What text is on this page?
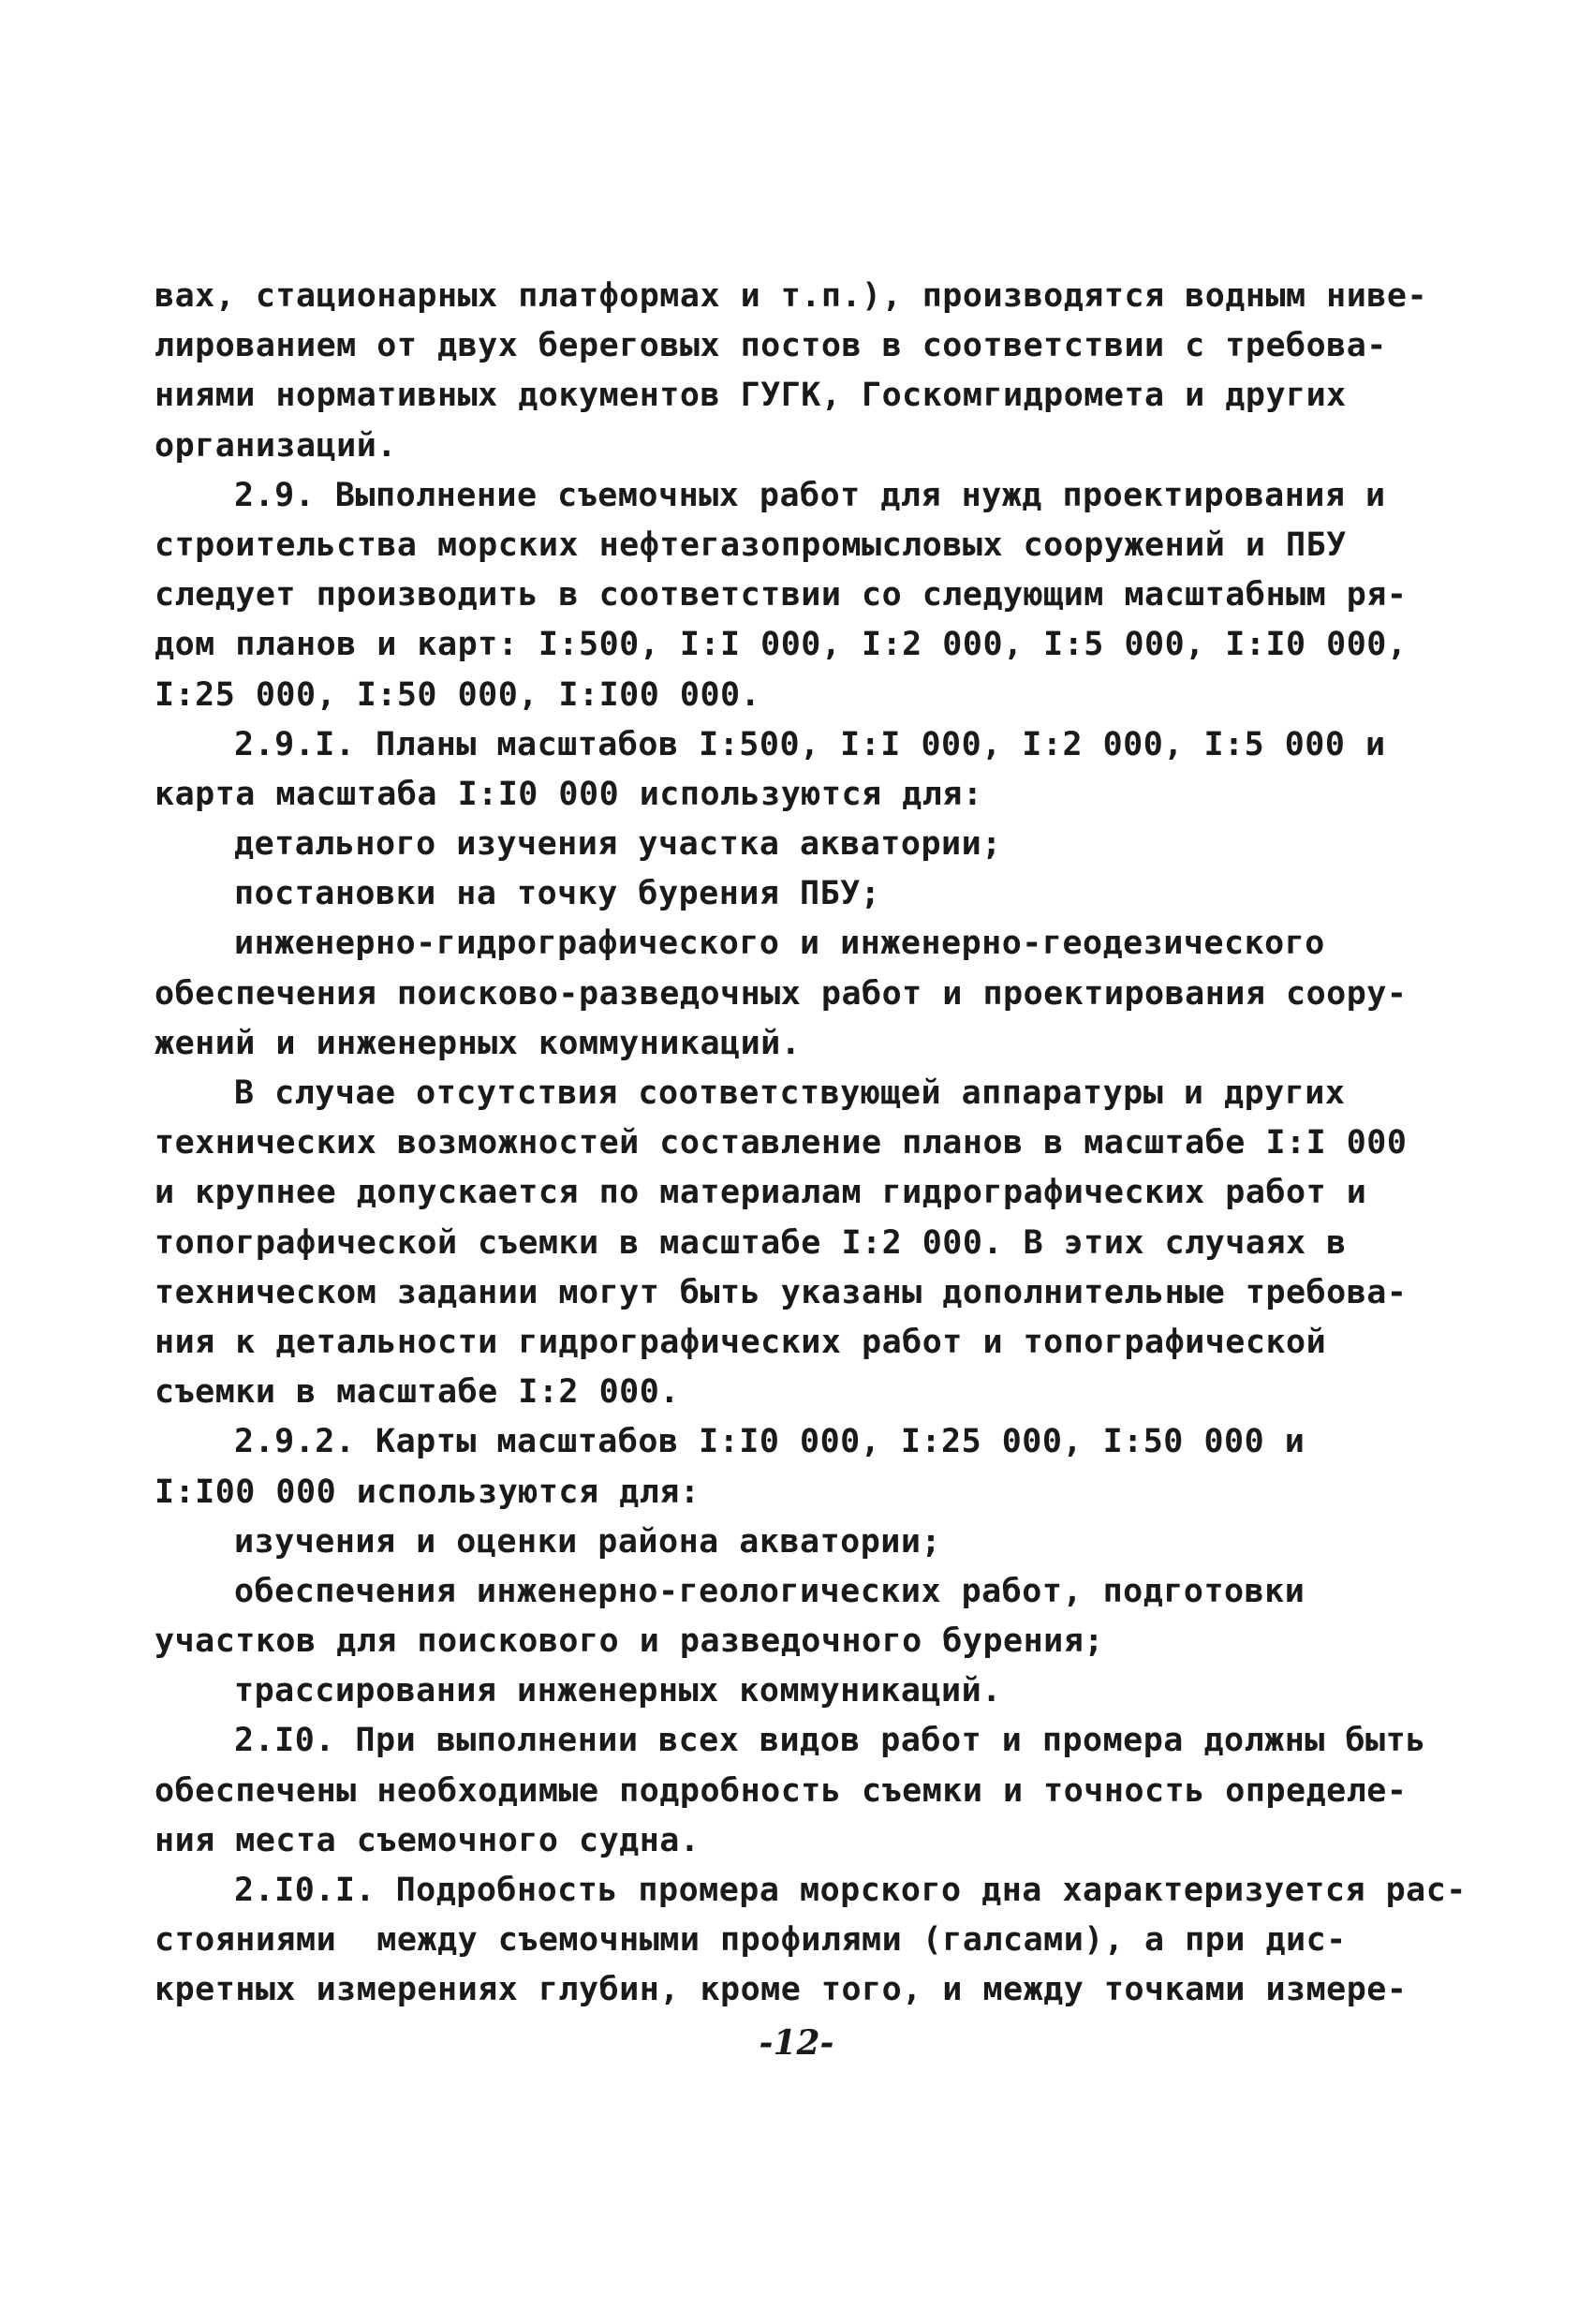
вах, стационарных платформах и т.п.), производятся водным нивe-
лированием от двух береговых постов в соответствии с требова-
ниями нормативных документов ГУГК, Госкомгидромета и других
организаций.
2.9. Выполнение съемочных работ для нужд проектирования и
строительства морских нефтегазопромысловых сооружений и ПБУ
следует производить в соответствии со следующим масштабным ря-
дом планов и карт: I:500, I:I 000, I:2 000, I:5 000, I:I0 000,
I:25 000, I:50 000, I:I00 000.
2.9.I. Планы масштабов I:500, I:I 000, I:2 000, I:5 000 и
карта масштаба I:I0 000 используются для:
детального изучения участка акватории;
постановки на точку бурения ПБУ;
инженерно-гидрографического и инженерно-геодезического
обеспечения поисково-разведочных работ и проектирования соору-
жений и инженерных коммуникаций.
В случае отсутствия соответствующей аппаратуры и других
технических возможностей составление планов в масштабе I:I 000
и крупнее допускается по материалам гидрографических работ и
топографической съемки в масштабе I:2 000. В этих случаях в
техническом задании могут быть указаны дополнительные требова-
ния к детальности гидрографических работ и топографической
съемки в масштабе I:2 000.
2.9.2. Карты масштабов I:I0 000, I:25 000, I:50 000 и
I:I00 000 используются для:
изучения и оценки района акватории;
обеспечения инженерно-геологических работ, подготовки
участков для поискового и разведочного бурения;
трассирования инженерных коммуникаций.
2.I0. При выполнении всех видов работ и промера должны быть
обеспечены необходимые подробность съемки и точность определе-
ния места съемочного судна.
2.I0.I. Подробность промера морского дна характеризуется рас-
стояниями  между съемочными профилями (галсами), а при дис-
кретных измерениях глубин, кроме того, и между точками измере-
-12-
